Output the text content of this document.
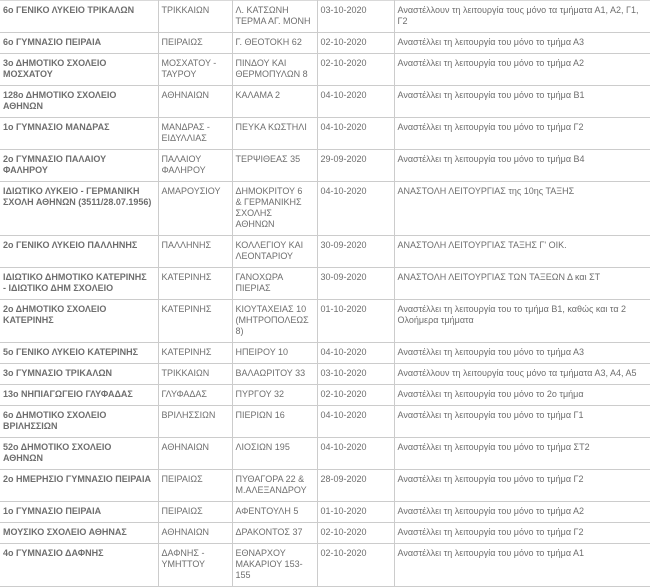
6ο ΓΕΝΙΚΟ ΛΥΚΕΙΟ ΤΡΙΚΑΛΩΝ	ΤΡΙΚΚΑΙΩΝ	Λ. ΚΑΤΣΩΝΗ ΤΕΡΜΑ ΑΓ. ΜΟΝΗ	03-10-2020	Αναστέλλουν τη λειτουργία τους μόνο τα τμήματα Α1, Α2, Γ1, Γ2
6ο ΓΥΜΝΑΣΙΟ ΠΕΙΡΑΙΑ	ΠΕΙΡΑΙΩΣ	Γ. ΘΕΟΤΟΚΗ 62	02-10-2020	Αναστέλλει τη λειτουργία του μόνο το τμήμα Α3
3ο ΔΗΜΟΤΙΚΟ ΣΧΟΛΕΙΟ ΜΟΣΧΑΤΟΥ	ΜΟΣΧΑΤΟΥ - ΤΑΥΡΟΥ	ΠΙΝΔΟΥ ΚΑΙ ΘΕΡΜΟΠΥΛΩΝ 8	02-10-2020	Αναστέλλει τη λειτουργία του μόνο το τμήμα Α2
128ο ΔΗΜΟΤΙΚΟ ΣΧΟΛΕΙΟ ΑΘΗΝΩΝ	ΑΘΗΝΑΙΩΝ	ΚΑΛΑΜΑ 2	04-10-2020	Αναστέλλει τη λειτουργία του μόνο το τμήμα Β1
1ο ΓΥΜΝΑΣΙΟ ΜΑΝΔΡΑΣ	ΜΑΝΔΡΑΣ - ΕΙΔΥΛΛΙΑΣ	ΠΕΥΚΑ ΚΩΣΤΗΛΙ	04-10-2020	Αναστέλλει τη λειτουργία του μόνο το τμήμα Γ2
2ο ΓΥΜΝΑΣΙΟ ΠΑΛΑΙΟΥ ΦΑΛΗΡΟΥ	ΠΑΛΑΙΟΥ ΦΑΛΗΡΟΥ	ΤΕΡΨΙΘΕΑΣ 35	29-09-2020	Αναστέλλει τη λειτουργία του μόνο το τμήμα Β4
ΙΔΙΩΤΙΚΟ ΛΥΚΕΙΟ - ΓΕΡΜΑΝΙΚΗ ΣΧΟΛΗ ΑΘΗΝΩΝ (3511/28.07.1956)	ΑΜΑΡΟΥΣΙΟΥ	ΔΗΜΟΚΡΙΤΟΥ 6 & ΓΕΡΜΑΝΙΚΗΣ ΣΧΟΛΗΣ ΑΘΗΝΩΝ	04-10-2020	ΑΝΑΣΤΟΛΗ ΛΕΙΤΟΥΡΓΙΑΣ της 10ης ΤΑΞΗΣ
2ο ΓΕΝΙΚΟ ΛΥΚΕΙΟ ΠΑΛΛΗΝΗΣ	ΠΑΛΛΗΝΗΣ	ΚΟΛΛΕΓΙΟΥ ΚΑΙ ΛΕΟΝΤΑΡΙΟΥ	30-09-2020	ΑΝΑΣΤΟΛΗ ΛΕΙΤΟΥΡΓΙΑΣ ΤΑΞΗΣ Γ' ΟΙΚ.
ΙΔΙΩΤΙΚΟ ΔΗΜΟΤΙΚΟ ΚΑΤΕΡΙΝΗΣ - ΙΔΙΩΤΙΚΟ ΔΗΜ ΣΧΟΛΕΙΟ	ΚΑΤΕΡΙΝΗΣ	ΓΑΝΟΧΩΡΑ ΠΙΕΡΙΑΣ	30-09-2020	ΑΝΑΣΤΟΛΗ ΛΕΙΤΟΥΡΓΙΑΣ ΤΩΝ ΤΑΞΕΩΝ Δ και ΣΤ
2ο ΔΗΜΟΤΙΚΟ ΣΧΟΛΕΙΟ ΚΑΤΕΡΙΝΗΣ	ΚΑΤΕΡΙΝΗΣ	ΚΙΟΥΤΑΧΕΙΑΣ 10 (ΜΗΤΡΟΠΟΛΕΩΣ 8)	01-10-2020	Αναστέλλει τη λειτουργία του το τμήμα Β1, καθώς και τα 2 Ολοήμερα τμήματα
5ο ΓΕΝΙΚΟ ΛΥΚΕΙΟ ΚΑΤΕΡΙΝΗΣ	ΚΑΤΕΡΙΝΗΣ	ΗΠΕΙΡΟΥ 10	04-10-2020	Αναστέλλει τη λειτουργία του μόνο το τμήμα Α3
3ο ΓΥΜΝΑΣΙΟ ΤΡΙΚΑΛΩΝ	ΤΡΙΚΚΑΙΩΝ	ΒΑΛΑΩΡΙΤΟΥ 33	03-10-2020	Αναστέλλουν τη λειτουργία τους μόνο τα τμήματα Α3, Α4, Α5
13ο ΝΗΠΙΑΓΩΓΕΙΟ ΓΛΥΦΑΔΑΣ	ΓΛΥΦΑΔΑΣ	ΠΥΡΓΟΥ 32	02-10-2020	Αναστέλλει τη λειτουργία του μόνο το 2ο τμήμα
6ο ΔΗΜΟΤΙΚΟ ΣΧΟΛΕΙΟ ΒΡΙΛΗΣΣΙΩΝ	ΒΡΙΛΗΣΣΙΩΝ	ΠΙΕΡΙΩΝ 16	04-10-2020	Αναστέλλει τη λειτουργία του μόνο το τμήμα Γ1
52ο ΔΗΜΟΤΙΚΟ ΣΧΟΛΕΙΟ ΑΘΗΝΩΝ	ΑΘΗΝΑΙΩΝ	ΛΙΟΣΙΩΝ 195	04-10-2020	Αναστέλλει τη λειτουργία του μόνο το τμήμα ΣΤ2
2ο ΗΜΕΡΗΣΙΟ ΓΥΜΝΑΣΙΟ ΠΕΙΡΑΙΑ	ΠΕΙΡΑΙΩΣ	ΠΥΘΑΓΟΡΑ 22 & Μ.ΑΛΕΞΑΝΔΡΟΥ	28-09-2020	Αναστέλλει τη λειτουργία του μόνο το τμήμα Γ2
1ο ΓΥΜΝΑΣΙΟ ΠΕΙΡΑΙΑ	ΠΕΙΡΑΙΩΣ	ΑΦΕΝΤΟΥΛΗ 5	01-10-2020	Αναστέλλει τη λειτουργία του μόνο το τμήμα Α2
ΜΟΥΣΙΚΟ ΣΧΟΛΕΙΟ ΑΘΗΝΑΣ	ΑΘΗΝΑΙΩΝ	ΔΡΑΚΟΝΤΟΣ 37	02-10-2020	Αναστέλλει τη λειτουργία του μόνο το τμήμα Γ2
4ο ΓΥΜΝΑΣΙΟ ΔΑΦΝΗΣ	ΔΑΦΝΗΣ - ΥΜΗΤΤΟΥ	ΕΘΝΑΡΧΟΥ ΜΑΚΑΡΙΟΥ 153-155	02-10-2020	Αναστέλλει τη λειτουργία του μόνο το τμήμα Α1
